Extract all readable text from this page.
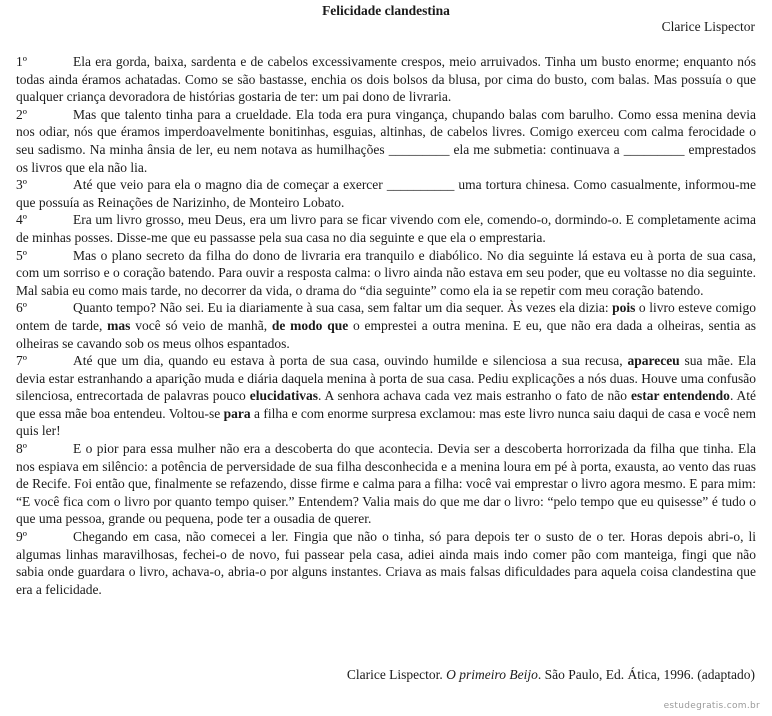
Felicidade clandestina
Clarice Lispector
1º	Ela era gorda, baixa, sardenta e de cabelos excessivamente crespos, meio arruivados. Tinha um busto enorme; enquanto nós todas ainda éramos achatadas. Como se são bastasse, enchia os dois bolsos da blusa, por cima do busto, com balas. Mas possuía o que qualquer criança devoradora de histórias gostaria de ter: um pai dono de livraria.
2º	Mas que talento tinha para a crueldade. Ela toda era pura vingança, chupando balas com barulho. Como essa menina devia nos odiar, nós que éramos imperdoavelmente bonitinhas, esguias, altinhas, de cabelos livres. Comigo exerceu com calma ferocidade o seu sadismo. Na minha ânsia de ler, eu nem notava as humilhações _________ ela me submetia: continuava a _________ emprestados os livros que ela não lia.
3º	Até que veio para ela o magno dia de começar a exercer __________ uma tortura chinesa. Como casualmente, informou-me que possuía as Reinações de Narizinho, de Monteiro Lobato.
4º	Era um livro grosso, meu Deus, era um livro para se ficar vivendo com ele, comendo-o, dormindo-o. E completamente acima de minhas posses. Disse-me que eu passasse pela sua casa no dia seguinte e que ela o emprestaria.
5º	Mas o plano secreto da filha do dono de livraria era tranquilo e diabólico. No dia seguinte lá estava eu à porta de sua casa, com um sorriso e o coração batendo. Para ouvir a resposta calma: o livro ainda não estava em seu poder, que eu voltasse no dia seguinte. Mal sabia eu como mais tarde, no decorrer da vida, o drama do “dia seguinte” como ela ia se repetir com meu coração batendo.
6º	Quanto tempo? Não sei. Eu ia diariamente à sua casa, sem faltar um dia sequer. Às vezes ela dizia: pois o livro esteve comigo ontem de tarde, mas você só veio de manhã, de modo que o emprestei a outra menina. E eu, que não era dada a olheiras, sentia as olheiras se cavando sob os meus olhos espantados.
7º	Até que um dia, quando eu estava à porta de sua casa, ouvindo humilde e silenciosa a sua recusa, apareceu sua mãe. Ela devia estar estranhando a aparição muda e diária daquela menina à porta de sua casa. Pediu explicações a nós duas. Houve uma confusão silenciosa, entrecortada de palavras pouco elucidativas. A senhora achava cada vez mais estranho o fato de não estar entendendo. Até que essa mãe boa entendeu. Voltou-se para a filha e com enorme surpresa exclamou: mas este livro nunca saiu daqui de casa e você nem quis ler!
8º	E o pior para essa mulher não era a descoberta do que acontecia. Devia ser a descoberta horrorizada da filha que tinha. Ela nos espiava em silêncio: a potência de perversidade de sua filha desconhecida e a menina loura em pé à porta, exausta, ao vento das ruas de Recife. Foi então que, finalmente se refazendo, disse firme e calma para a filha: você vai emprestar o livro agora mesmo. E para mim: “E você fica com o livro por quanto tempo quiser.” Entendem? Valia mais do que me dar o livro: “pelo tempo que eu quisesse” é tudo o que uma pessoa, grande ou pequena, pode ter a ousadia de querer.
9º	Chegando em casa, não comecei a ler. Fingia que não o tinha, só para depois ter o susto de o ter. Horas depois abri-o, li algumas linhas maravilhosas, fechei-o de novo, fui passear pela casa, adiei ainda mais indo comer pão com manteiga, fingi que não sabia onde guardara o livro, achava-o, abria-o por alguns instantes. Criava as mais falsas dificuldades para aquela coisa clandestina que era a felicidade.
Clarice Lispector. O primeiro Beijo. São Paulo, Ed. Ática, 1996. (adaptado)
estudegratis.com.br
